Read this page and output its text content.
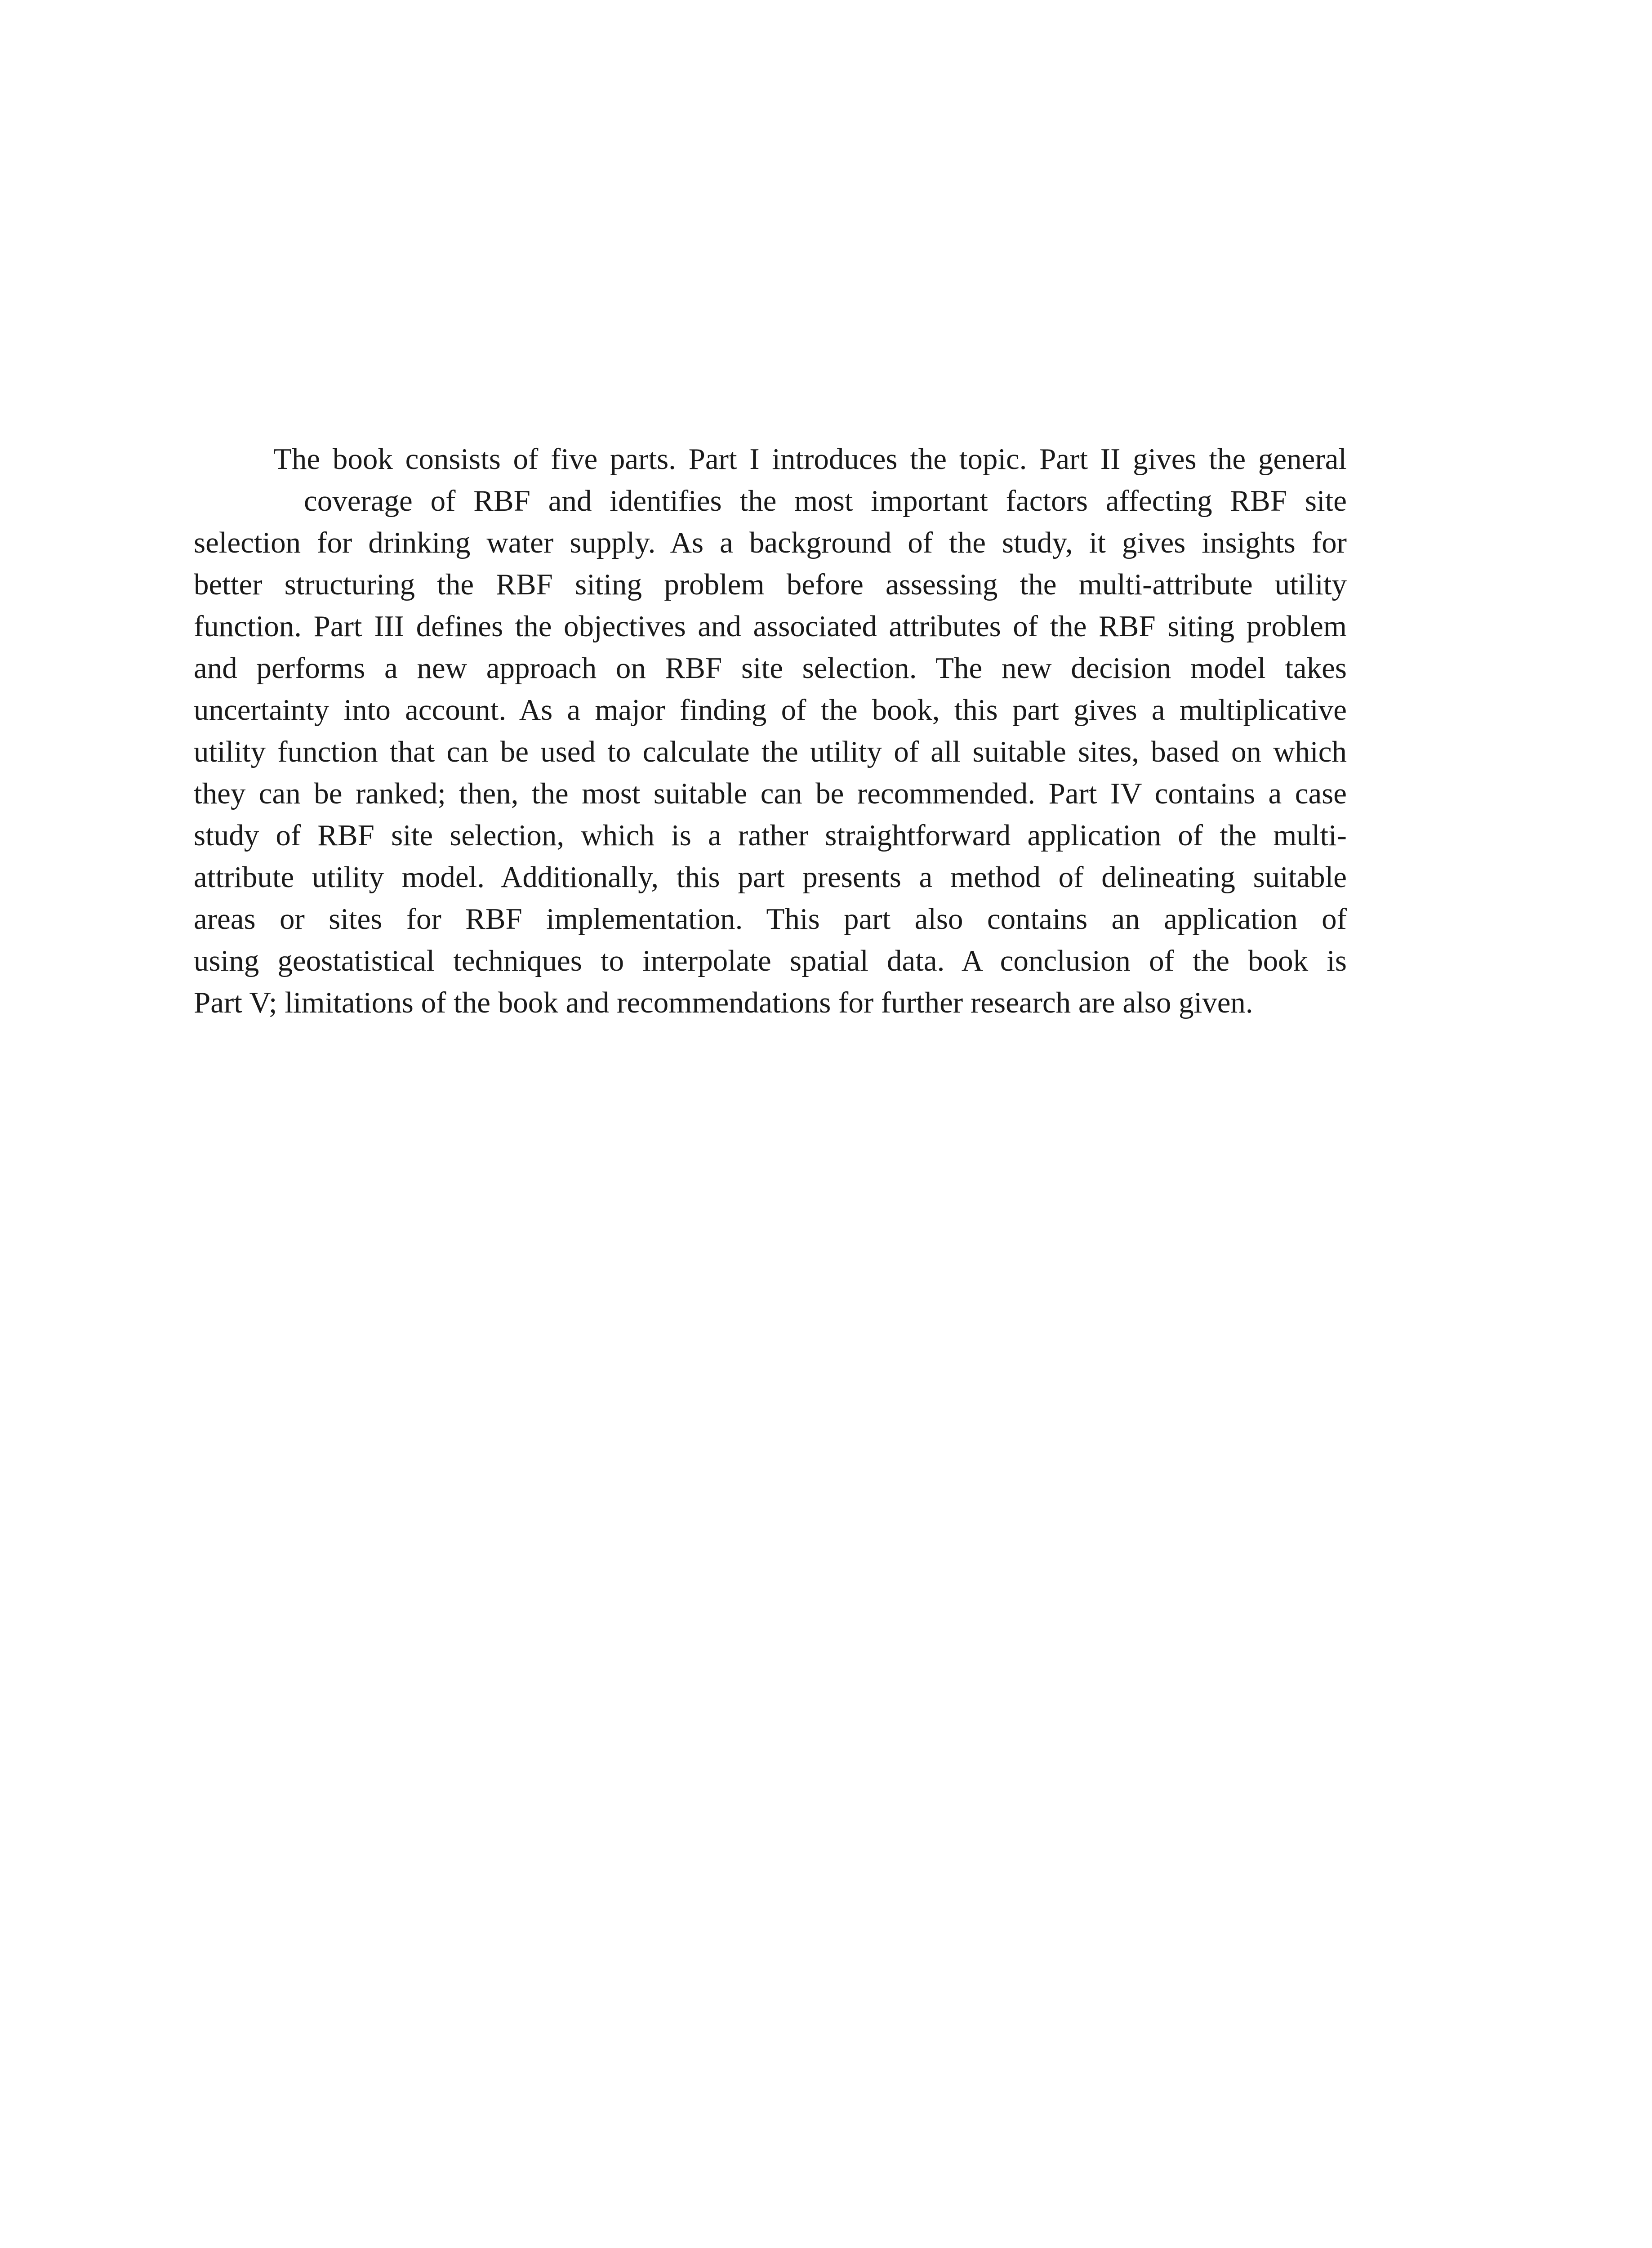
The book consists of five parts. Part I introduces the topic. Part II gives the general
coverage of RBF and identifies the most important factors affecting RBF site
selection for drinking water supply. As a background of the study, it gives insights for
better structuring the RBF siting problem before assessing the multi-attribute utility
function. Part III defines the objectives and associated attributes of the RBF siting problem
and performs a new approach on RBF site selection. The new decision model takes
uncertainty into account. As a major finding of the book, this part gives a multiplicative
utility function that can be used to calculate the utility of all suitable sites, based on which
they can be ranked; then, the most suitable can be recommended. Part IV contains a case
study of RBF site selection, which is a rather straightforward application of the multi-
attribute utility model. Additionally, this part presents a method of delineating suitable
areas or sites for RBF implementation. This part also contains an application of
using geostatistical techniques to interpolate spatial data. A conclusion of the book is
Part V; limitations of the book and recommendations for further research are also given.
